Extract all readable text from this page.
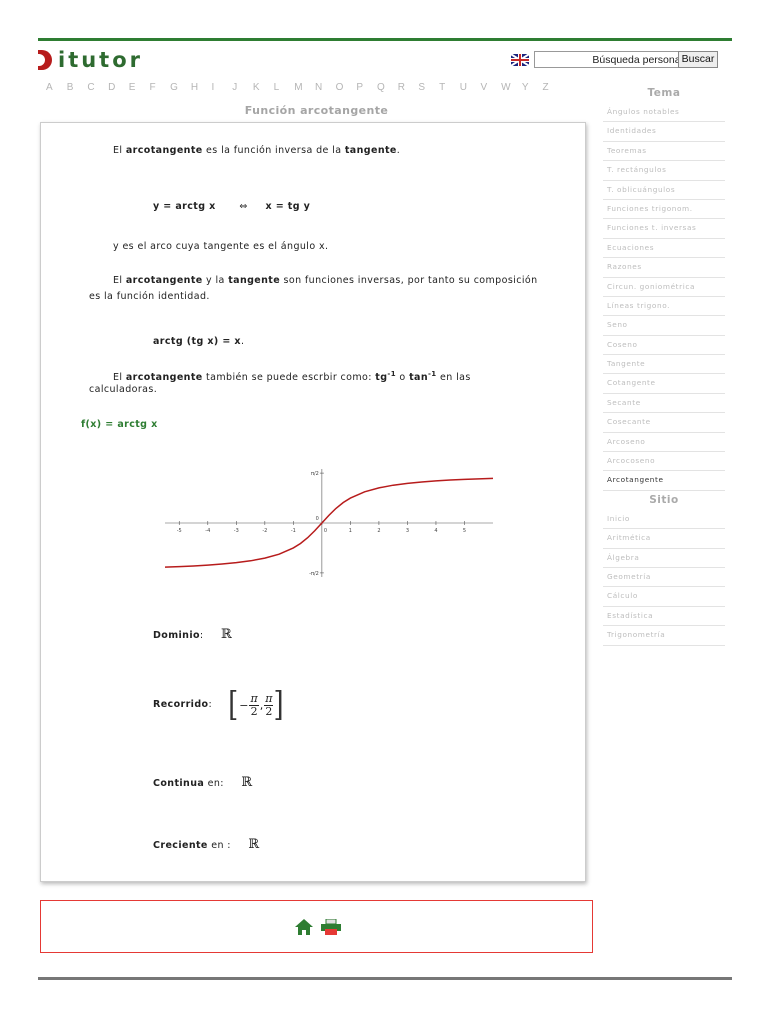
itutor
Búsqueda personalizada	Buscar
A	B	C	D	E	F	G	H	I	J	K	L	M	N	O	P	Q	R	S	T	U	V	W	Y	Z
Función arcotangente
El arcotangente es la función inversa de la tangente.
y = arctg x ⇔ x = tg y
y es el arco cuya tangente es el ángulo x.
El arcotangente y la tangente son funciones inversas, por tanto su composición
es la función identidad.
arctg (tg x) = x.
El arcotangente también se puede escrbir como: $tg^{-1}$ o $\tan^{-1}$ en las
calculadoras.
f(x) = arctg x
-5	-4	-3	-2	-1	0	1	2	3	4	5
π/2
0
-π/2
Dominio: ℝ
Recorrido: [ − $\frac{\pi}{2}$ , $\frac{\pi}{2}$ ]
Continua en: ℝ
Creciente en : ℝ
Tema
Ángulos notables
Identidades
Teoremas
T. rectángulos
T. oblicuángulos
Funciones trigonom.
Funciones t. inversas
Ecuaciones
Razones
Circun. goniométrica
Líneas trigono.
Seno
Coseno
Tangente
Cotangente
Secante
Cosecante
Arcoseno
Arcocoseno
Arcotangente
Sitio
Inicio
Aritmética
Álgebra
Geometría
Cálculo
Estadística
Trigonometría
